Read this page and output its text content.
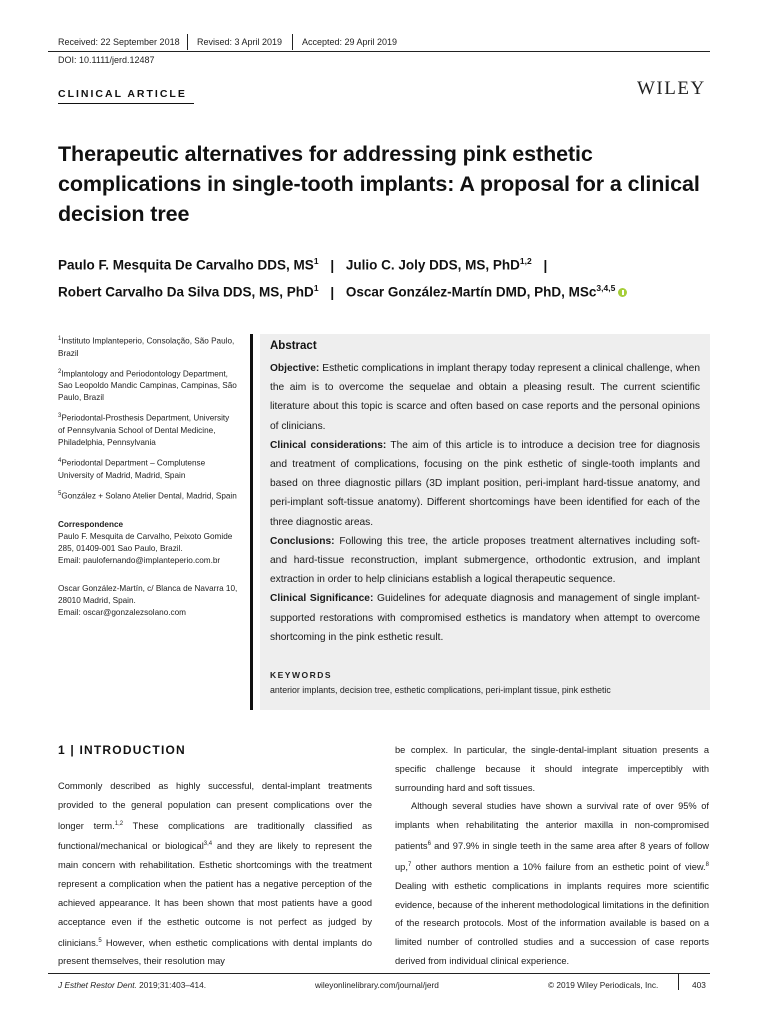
Received: 22 September 2018 Revised: 3 April 2019 Accepted: 29 April 2019
DOI: 10.1111/jerd.12487
CLINICAL ARTICLE	WILEY
Therapeutic alternatives for addressing pink esthetic complications in single-tooth implants: A proposal for a clinical decision tree
Paulo F. Mesquita De Carvalho DDS, $MS^1$ | Julio C. Joly DDS, MS, PhD$^{1,2}$ |
Robert Carvalho Da Silva DDS, MS, PhD$^1$ | Oscar González-Martín DMD, PhD, MSc$^{3,4,5}$
$^1$Instituto Implanteperio, Consolação, São Paulo, Brazil
$^2$Implantology and Periodontology Department, Sao Leopoldo Mandic Campinas, Campinas, São Paulo, Brazil
$^3$Periodontal-Prosthesis Department, University of Pennsylvania School of Dental Medicine, Philadelphia, Pennsylvania
$^4$Periodontal Department – Complutense University of Madrid, Madrid, Spain
$^5$González + Solano Atelier Dental, Madrid, Spain
Correspondence
Paulo F. Mesquita de Carvalho, Peixoto Gomide 285, 01409-001 Sao Paulo, Brazil.
Email: paulofernando@implanteperio.com.br
Oscar González-Martín, c/ Blanca de Navarra 10, 28010 Madrid, Spain.
Email: oscar@gonzalezsolano.com
Abstract
Objective: Esthetic complications in implant therapy today represent a clinical challenge, when the aim is to overcome the sequelae and obtain a pleasing result. The current scientific literature about this topic is scarce and often based on case reports and the personal opinions of clinicians.
Clinical considerations: The aim of this article is to introduce a decision tree for diagnosis and treatment of complications, focusing on the pink esthetic of single-tooth implants and based on three diagnostic pillars (3D implant position, peri-implant hard-tissue anatomy, and peri-implant soft-tissue anatomy). Different shortcomings have been identified for each of the three diagnostic areas.
Conclusions: Following this tree, the article proposes treatment alternatives including soft- and hard-tissue reconstruction, implant submergence, orthodontic extrusion, and implant extraction in order to help clinicians establish a logical therapeutic sequence.
Clinical Significance: Guidelines for adequate diagnosis and management of single implant-supported restorations with compromised esthetics is mandatory when attempt to overcome shortcoming in the pink esthetic result.
KEYWORDS
anterior implants, decision tree, esthetic complications, peri-implant tissue, pink esthetic
1 | INTRODUCTION
Commonly described as highly successful, dental-implant treatments provided to the general population can present complications over the longer term.$^{1,2}$ These complications are traditionally classified as functional/mechanical or biological$^{3,4}$ and they are likely to represent the main concern with rehabilitation. Esthetic shortcomings with the treatment represent a complication when the patient has a negative perception of the achieved appearance. It has been shown that most patients have a good acceptance even if the esthetic outcome is not perfect as judged by clinicians.$^5$ However, when esthetic complications with dental implants do present themselves, their resolution may
be complex. In particular, the single-dental-implant situation presents a specific challenge because it should integrate imperceptibly with surrounding hard and soft tissues.
Although several studies have shown a survival rate of over 95% of implants when rehabilitating the anterior maxilla in non-compromised patients$^6$ and 97.9% in single teeth in the same area after 8 years of follow up,$^7$ other authors mention a 10% failure from an esthetic point of view.$^8$ Dealing with esthetic complications in implants requires more scientific evidence, because of the inherent methodological limitations in the definition of the research protocols. Most of the information available is based on a limited number of controlled studies and a succession of case reports derived from individual clinical experience.
J Esthet Restor Dent. 2019;31:403–414.	wileyonlinelibrary.com/journal/jerd	© 2019 Wiley Periodicals, Inc.	403
